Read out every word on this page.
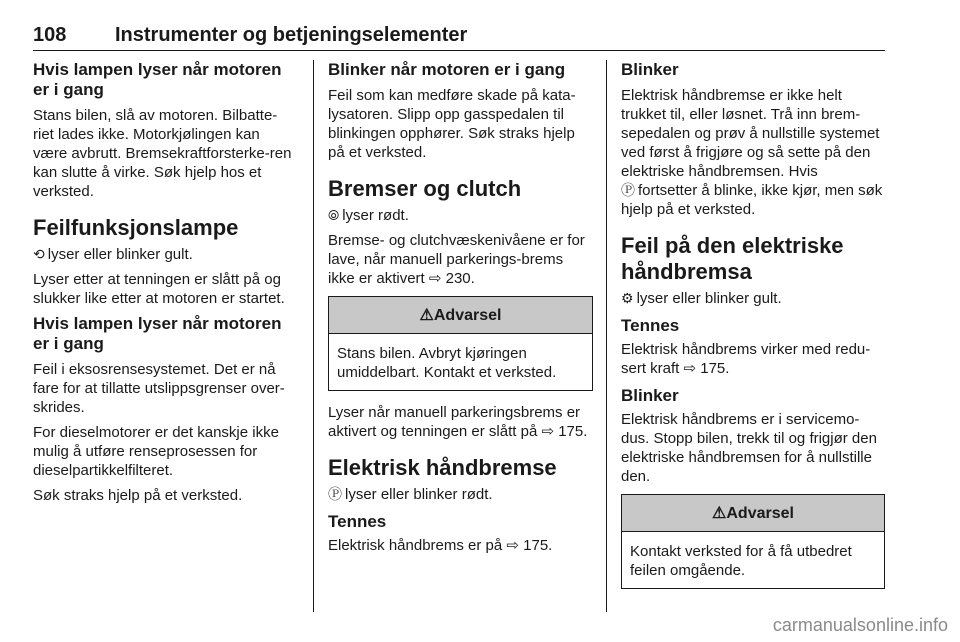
108 Instrumenter og betjeningselementer
Hvis lampen lyser når motoren er i gang

Stans bilen, slå av motoren. Bilbatte-riet lades ikke. Motorkjølingen kan være avbrutt. Bremsekraftforsterke-ren kan slutte å virke. Søk hjelp hos et verksted.

Feilfunksjonslampe

⟲ lyser eller blinker gult.

Lyser etter at tenningen er slått på og slukker like etter at motoren er startet.

Hvis lampen lyser når motoren er i gang

Feil i eksosrensesystemet. Det er nå fare for at tillatte utslippsgrenser over-skrides.

For dieselmotorer er det kanskje ikke mulig å utføre renseprosessen for dieselpartikkelfilteret.

Søk straks hjelp på et verksted.

Blinker når motoren er i gang

Feil som kan medføre skade på kata-lysatoren. Slipp opp gasspedalen til blinkingen opphører. Søk straks hjelp på et verksted.

Bremser og clutch

⦾ lyser rødt.

Bremse- og clutchvæskenivåene er for lave, når manuell parkerings-brems ikke er aktivert ⇨ 230.

⚠Advarsel
Stans bilen. Avbryt kjøringen umiddelbart. Kontakt et verksted.

Lyser når manuell parkeringsbrems er aktivert og tenningen er slått på ⇨ 175.

Elektrisk håndbremse

Ⓟ lyser eller blinker rødt.

Tennes

Elektrisk håndbrems er på ⇨ 175.

Blinker

Elektrisk håndbremse er ikke helt trukket til, eller løsnet. Trå inn brem-sepedalen og prøv å nullstille systemet ved først å frigjøre og så sette på den elektriske håndbremsen. Hvis Ⓟ fortsetter å blinke, ikke kjør, men søk hjelp på et verksted.

Feil på den elektriske håndbremsa

⚙ lyser eller blinker gult.

Tennes

Elektrisk håndbrems virker med redu-sert kraft ⇨ 175.

Blinker

Elektrisk håndbrems er i servicemo-dus. Stopp bilen, trekk til og frigjør den elektriske håndbremsen for å nullstille den.

⚠Advarsel
Kontakt verksted for å få utbedret feilen omgående.
carmanualsonline.info
